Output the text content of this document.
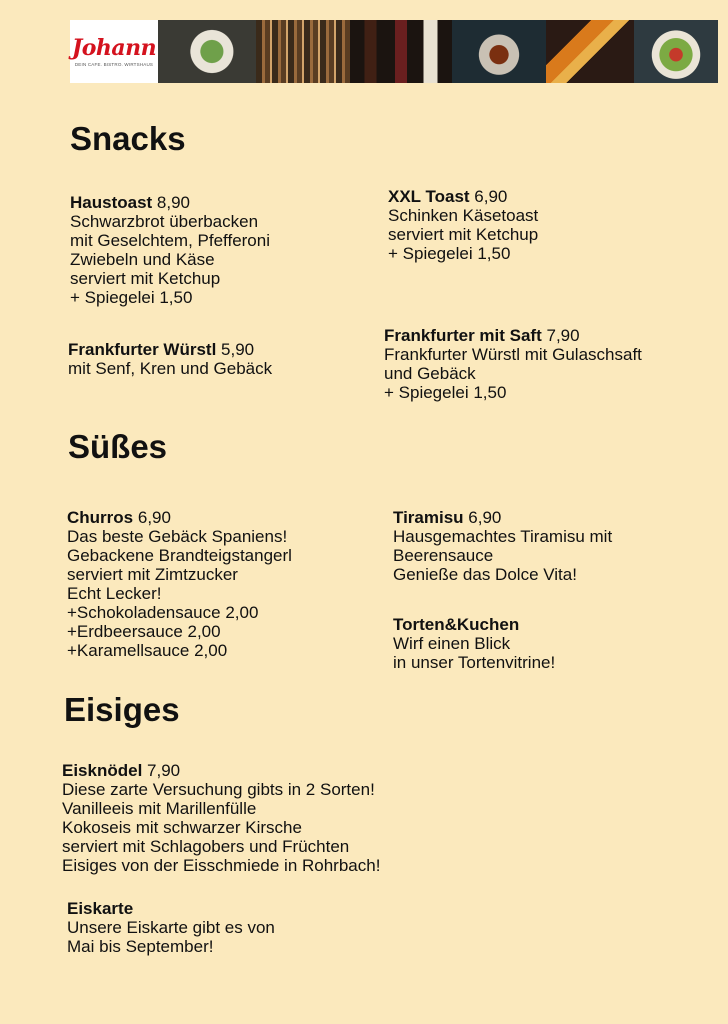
Johann
DEIN CAFE. BISTRO. WIRTSHAUS
Snacks
Haustoast 8,90
Schwarzbrot überbacken
mit Geselchtem, Pfefferoni
Zwiebeln und Käse
serviert mit Ketchup
+ Spiegelei 1,50
XXL Toast 6,90
Schinken Käsetoast
serviert mit Ketchup
+ Spiegelei 1,50
Frankfurter Würstl 5,90
mit Senf, Kren und Gebäck
Frankfurter mit Saft 7,90
Frankfurter Würstl mit Gulaschsaft
und Gebäck
+ Spiegelei 1,50
Süßes
Churros 6,90
Das beste Gebäck Spaniens!
Gebackene Brandteigstangerl
serviert mit Zimtzucker
Echt Lecker!
+Schokoladensauce 2,00
+Erdbeersauce 2,00
+Karamellsauce 2,00
Tiramisu 6,90
Hausgemachtes Tiramisu mit
Beerensauce
Genieße das Dolce Vita!
Torten&Kuchen
Wirf einen Blick
in unser Tortenvitrine!
Eisiges
Eisknödel 7,90
Diese zarte Versuchung gibts in 2 Sorten!
Vanilleeis mit Marillenfülle
Kokoseis mit schwarzer Kirsche
serviert mit Schlagobers und Früchten
Eisiges von der Eisschmiede in Rohrbach!
Eiskarte
Unsere Eiskarte gibt es von
Mai bis September!
